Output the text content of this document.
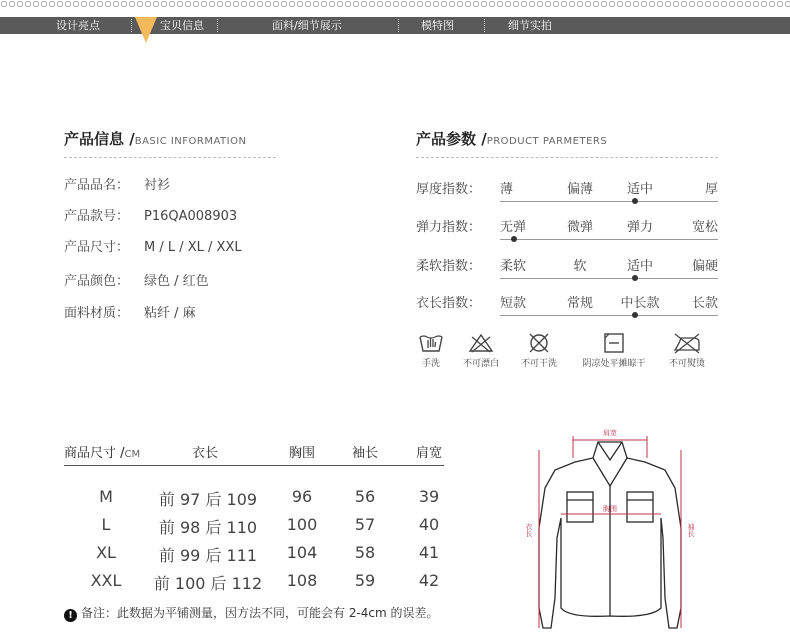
设计亮点	宝贝信息	面料/细节展示	模特图	细节实拍
产品信息 /BASIC INFORMATION
产品品名： 衬衫
产品款号： P16QA008903
产品尺寸： M / L / XL / XXL
产品颜色： 绿色 / 红色
面料材质： 粘纤 / 麻
产品参数 /PRODUCT PARMETERS
厚度指数： 薄	偏薄	适中	厚
弹力指数： 无弹	微弹	弹力	宽松
柔软指数： 柔软	软	适中	偏硬
衣长指数： 短款	常规	中长款	长款
手洗	不可漂白	不可干洗	阴凉处平摊晾干	不可熨烫
商品尺寸 /CM	衣长	胸围	袖长	肩宽
M	前 97 后 109	96	56	39
L	前 98 后 110	100	57	40
XL	前 99 后 111	104	58	41
XXL	前 100 后 112	108	59	42
! 备注：此数据为平铺测量，因方法不同，可能会有 2-4cm 的误差。
肩宽
胸围
衣长	袖长
